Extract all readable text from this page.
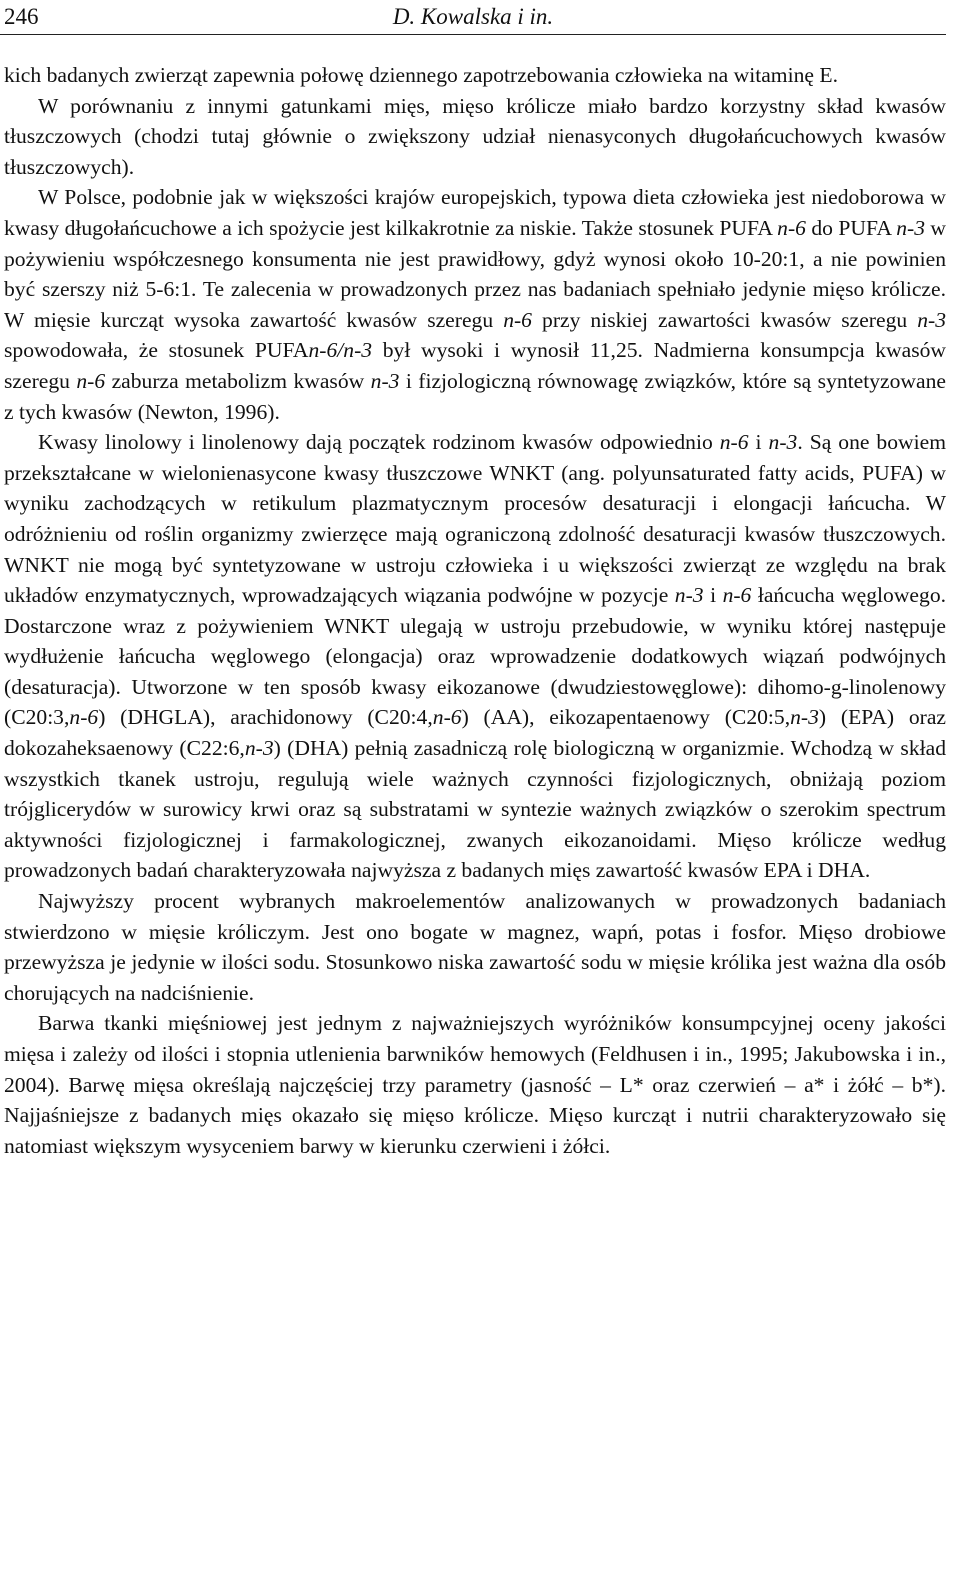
246	D. Kowalska i in.

kich badanych zwierząt zapewnia połowę dziennego zapotrzebowania człowieka na witaminę E.

W porównaniu z innymi gatunkami mięs, mięso królicze miało bardzo korzystny skład kwasów tłuszczowych (chodzi tutaj głównie o zwiększony udział nienasyconych długołańcuchowych kwasów tłuszczowych).

W Polsce, podobnie jak w większości krajów europejskich, typowa dieta człowieka jest niedoborowa w kwasy długołańcuchowe a ich spożycie jest kilkakrotnie za niskie. Także stosunek PUFA n-6 do PUFA n-3 w pożywieniu współczesnego konsumenta nie jest prawidłowy, gdyż wynosi około 10-20:1, a nie powinien być szerszy niż 5-6:1. Te zalecenia w prowadzonych przez nas badaniach spełniało jedynie mięso królicze. W mięsie kurcząt wysoka zawartość kwasów szeregu n-6 przy niskiej zawartości kwasów szeregu n-3 spowodowała, że stosunek PUFAn-6/n-3 był wysoki i wynosił 11,25. Nadmierna konsumpcja kwasów szeregu n-6 zaburza metabolizm kwasów n-3 i fizjologiczną równowagę związków, które są syntetyzowane z tych kwasów (Newton, 1996).

Kwasy linolowy i linolenowy dają początek rodzinom kwasów odpowiednio n-6 i n-3. Są one bowiem przekształcane w wielonienasycone kwasy tłuszczowe WNKT (ang. polyunsaturated fatty acids, PUFA) w wyniku zachodzących w retikulum plazmatycznym procesów desaturacji i elongacji łańcucha. W odróżnieniu od roślin organizmy zwierzęce mają ograniczoną zdolność desaturacji kwasów tłuszczowych. WNKT nie mogą być syntetyzowane w ustroju człowieka i u większości zwierząt ze względu na brak układów enzymatycznych, wprowadzających wiązania podwójne w pozycje n-3 i n-6 łańcucha węglowego. Dostarczone wraz z pożywieniem WNKT ulegają w ustroju przebudowie, w wyniku której następuje wydłużenie łańcucha węglowego (elongacja) oraz wprowadzenie dodatkowych wiązań podwójnych (desaturacja). Utworzone w ten sposób kwasy eikozanowe (dwudziestowęglowe): dihomo-g-linolenowy (C20:3,n-6) (DHGLA), arachidonowy (C20:4,n-6) (AA), eikozapentaenowy (C20:5,n-3) (EPA) oraz dokozaheksaenowy (C22:6,n-3) (DHA) pełnią zasadniczą rolę biologiczną w organizmie. Wchodzą w skład wszystkich tkanek ustroju, regulują wiele ważnych czynności fizjologicznych, obniżają poziom trójglicerydów w surowicy krwi oraz są substratami w syntezie ważnych związków o szerokim spectrum aktywności fizjologicznej i farmakologicznej, zwanych eikozanoidami. Mięso królicze według prowadzonych badań charakteryzowała najwyższa z badanych mięs zawartość kwasów EPA i DHA.

Najwyższy procent wybranych makroelementów analizowanych w prowadzonych badaniach stwierdzono w mięsie króliczym. Jest ono bogate w magnez, wapń, potas i fosfor. Mięso drobiowe przewyższa je jedynie w ilości sodu. Stosunkowo niska zawartość sodu w mięsie królika jest ważna dla osób chorujących na nadciśnienie.

Barwa tkanki mięśniowej jest jednym z najważniejszych wyróżników konsumpcyjnej oceny jakości mięsa i zależy od ilości i stopnia utlenienia barwników hemowych (Feldhusen i in., 1995; Jakubowska i in., 2004). Barwę mięsa określają najczęściej trzy parametry (jasność – L* oraz czerwień – a* i żółć – b*). Najjaśniejsze z badanych mięs okazało się mięso królicze. Mięso kurcząt i nutrii charakteryzowało się natomiast większym wysyceniem barwy w kierunku czerwieni i żółci.
